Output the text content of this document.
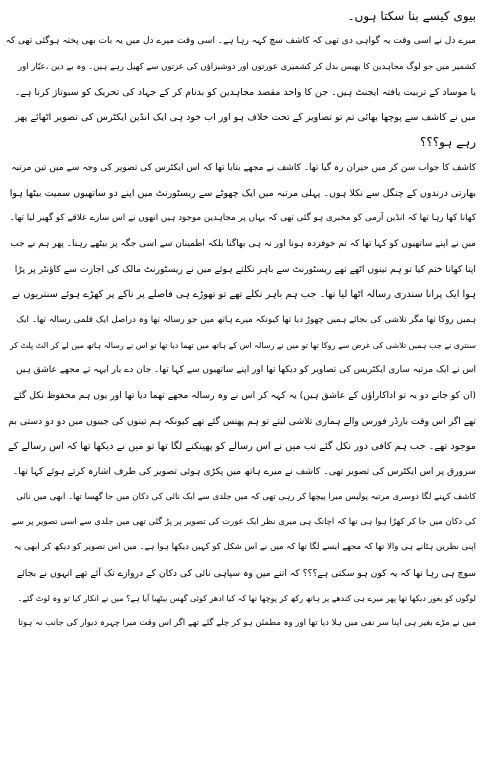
بیوی کیسے بنا سکتا ہوں۔
میرے دل نے اسی وقت یہ گواہی دی تھی کہ کاشف سچ کہہ رہا ہے۔ اسی وقت میرے دل میں یہ بات بھی پختہ ہوگئی تھی کہ
کشمیر میں جو لوگ مجاہدین کا بھیس بدل کر کشمیری عورتوں اور دوشیزاؤں کی عزتوں سے کھیل رہے ہیں۔ وہ بے دین ،عیّار اور
یا موساد کے تربیت یافتہ ایجنٹ ہیں۔ جن کا واحد مقصد مجاہدین کو بدنام کر کے جہاد کی تحریک کو سبوتاژ کرنا ہے۔
میں نے کاشف سے پوچھا بھائی تم تو تصاویر کے تحت خلاف ہو اور اب خود ہی ایک انڈین ایکٹرس کی تصویر اٹھائے پھر
رہے ہو؟؟؟
کاشف کا جواب سن کر میں حیران رہ گیا تھا۔ کاشف نے مجھے بتایا تھا کہ اس ایکٹرس کی تصویر کی وجہ سے میں تین مرتبہ
بھارتی درندوں کے چنگل سے نکلا ہوں۔ پہلی مرتبہ میں ایک چھوٹے سے ریسٹورنٹ میں اپنے دو ساتھیوں سمیت بیٹھا ہوا
کھانا کھا رہا تھا کہ انڈین آرمی کو مخبری ہو گئی تھی کہ یہاں پر مجاہدین موجود ہیں انھوں نے اس سارے علاقے کو گھیر لیا تھا۔
میں نے اپنے ساتھیوں کو کہا تھا کہ تم خوفزدہ ہونا اور نہ ہی بھاگنا بلکہ اطمینان سے اسی جگہ پر بیٹھے رہنا۔ پھر ہم نے جب
اپنا کھانا ختم کیا تو ہم تینوں اٹھے تھے ریسٹورنٹ سے باہر نکلتے ہوئے میں نے ریسٹورنٹ مالک کی اجازت سے کاؤنٹر پر پڑا
ہوا ایک پرانا سندری رسالہ اٹھا لیا تھا۔ جب ہم باہر نکلے تھے تو تھوڑے ہی فاصلے پر ناکے پر کھڑے ہوئے سنتریوں نے
ہمیں روکا تھا مگر تلاشی کی بجائے ہمیں چھوڑ دیا تھا کیونکہ میرے ہاتھ میں جو رسالہ تھا وہ دراصل ایک فلمی رسالہ تھا۔ ایک
سنتری نے جب ہمیں تلاشی کی غرض سے روکا تھا تو میں نے رسالہ اس کے ہاتھ میں تھما دیا تھا تو اس نے رسالہ ہاتھ میں لے کر الٹ پلٹ کر
اس نے ایک مرتبہ ساری ایکٹریس کی تصاویر کو دیکھا تھا اور اپنے ساتھیوں سے کہا تھا۔ جان دے یار ایہہ تے مجھے عاشق ہیں
(ان کو جانے دو یہ تو اداکاراؤں کے عاشق ہیں) یہ کہہ کر اس نے وہ رسالہ مجھے تھما دیا تھا اور یوں ہم محفوظ نکل گئے
تھے اگر اس وقت بارڈر فورس والے ہماری تلاشی لیتے تو ہم پھنس گئے تھے کیونکہ ہم تینوں کی جیبوں میں دو دو دستی بم
موجود تھے۔ جب ہم کافی دور نکل گئے تب میں نے اس رسالے کو پھینکنے لگا تھا تو میں نے دیکھا تھا کہ اس رسالے کے
سرورق پر اس ایکٹرس کی تصویر تھی۔ کاشف نے میرے ہاتھ میں پکڑی ہوئی تصویر کی طرف اشارہ کرتے ہوئے کہا تھا۔
کاشف کہنے لگا دوسری مرتبہ پولیس میرا پیچھا کر رہی تھی کہ میں جلدی سے ایک نائی کی دکان میں جا گھسا تھا۔ ابھی میں نائی
کی دکان میں جا کر کھڑا ہوا ہی تھا کہ اچانک ہی میری نظر ایک عورت کی تصویر پر پڑ گئی تھی میں جلدی سے اسی تصویر پر سے
اپنی نظریں ہٹانے ہی والا تھا کہ مجھے ایسے لگا تھا کہ میں نے اس شکل کو کہیں دیکھا ہوا ہے۔ میں اس تصویر کو دیکھ کر ابھی یہ
سوچ ہی رہا تھا کہ یہ کون ہو سکتی ہے؟؟؟ کہ اتنے میں وہ سپاہی نائی کی دکان کے دروازے تک آئے تھے انہوں نے بجائے
لوگوں کو بغور دیکھا تھا پھر میرے ہی کندھے پر ہاتھ رکھ کر پوچھا تھا کہ کیا ادھر کوئی گھس بیٹھیا آیا ہے؟ میں نے انکار کیا تو وہ لوٹ گئے۔
میں نے مڑے بغیر ہی اپنا سر نفی میں ہلا دیا تھا اور وہ مطمئن ہو کر چلے گئے تھے اگر اس وقت میرا چہرہ دیوار کی جانب نہ ہوتا
